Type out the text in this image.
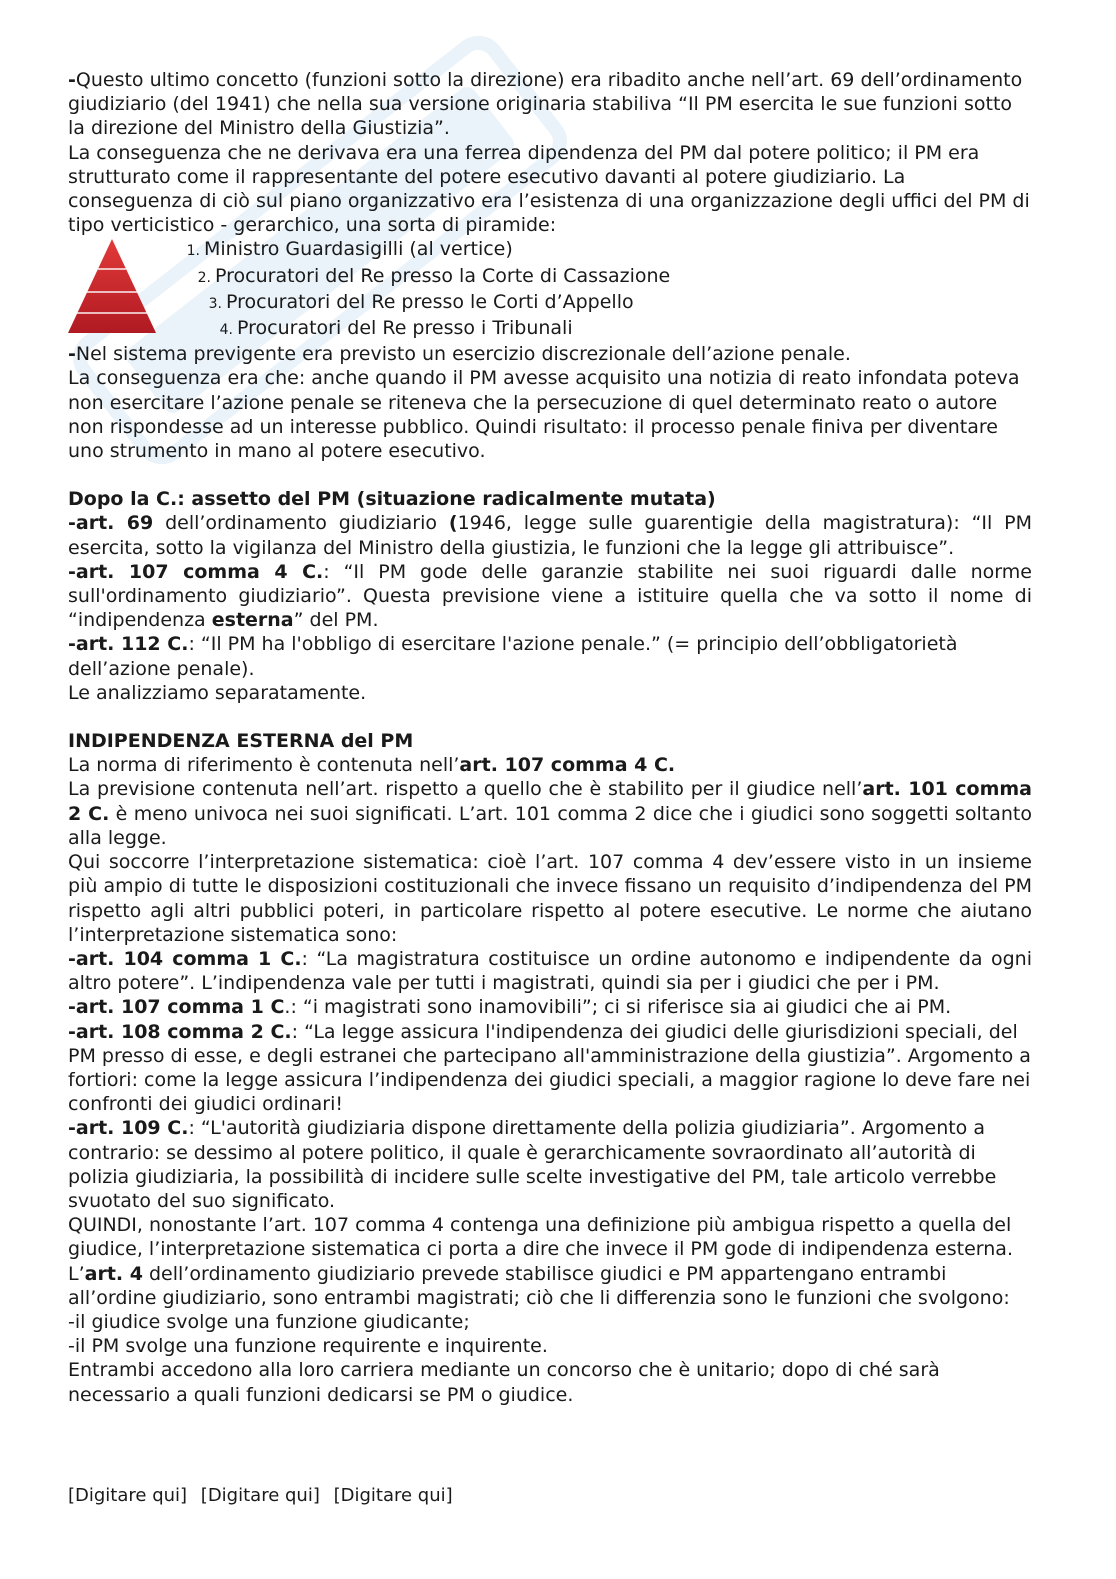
-Questo ultimo concetto (funzioni sotto la direzione) era ribadito anche nell’art. 69 dell’ordinamento giudiziario (del 1941) che nella sua versione originaria stabiliva “Il PM esercita le sue funzioni sotto la direzione del Ministro della Giustizia”.

La conseguenza che ne derivava era una ferrea dipendenza del PM dal potere politico; il PM era strutturato come il rappresentante del potere esecutivo davanti al potere giudiziario. La conseguenza di ciò sul piano organizzativo era l’esistenza di una organizzazione degli uffici del PM di tipo verticistico - gerarchico, una sorta di piramide:

1. Ministro Guardasigilli (al vertice)
2. Procuratori del Re presso la Corte di Cassazione
3. Procuratori del Re presso le Corti d’Appello
4. Procuratori del Re presso i Tribunali

-Nel sistema previgente era previsto un esercizio discrezionale dell’azione penale.

La conseguenza era che: anche quando il PM avesse acquisito una notizia di reato infondata poteva non esercitare l’azione penale se riteneva che la persecuzione di quel determinato reato o autore non rispondesse ad un interesse pubblico. Quindi risultato: il processo penale finiva per diventare uno strumento in mano al potere esecutivo.

Dopo la C.: assetto del PM (situazione radicalmente mutata)

-art. 69 dell’ordinamento giudiziario (1946, legge sulle guarentigie della magistratura): “Il PM esercita, sotto la vigilanza del Ministro della giustizia, le funzioni che la legge gli attribuisce”.

-art. 107 comma 4 C.: “Il PM gode delle garanzie stabilite nei suoi riguardi dalle norme sull'ordinamento giudiziario”. Questa previsione viene a istituire quella che va sotto il nome di “indipendenza esterna” del PM.

-art. 112 C.: “Il PM ha l'obbligo di esercitare l'azione penale.” (= principio dell’obbligatorietà dell’azione penale).

Le analizziamo separatamente.

INDIPENDENZA ESTERNA del PM

La norma di riferimento è contenuta nell’art. 107 comma 4 C.

La previsione contenuta nell’art. rispetto a quello che è stabilito per il giudice nell’art. 101 comma 2 C. è meno univoca nei suoi significati. L’art. 101 comma 2 dice che i giudici sono soggetti soltanto alla legge.

Qui soccorre l’interpretazione sistematica: cioè l’art. 107 comma 4 dev’essere visto in un insieme più ampio di tutte le disposizioni costituzionali che invece fissano un requisito d’indipendenza del PM rispetto agli altri pubblici poteri, in particolare rispetto al potere esecutive. Le norme che aiutano l’interpretazione sistematica sono:

-art. 104 comma 1 C.: “La magistratura costituisce un ordine autonomo e indipendente da ogni altro potere”. L’indipendenza vale per tutti i magistrati, quindi sia per i giudici che per i PM.

-art. 107 comma 1 C.: “i magistrati sono inamovibili”; ci si riferisce sia ai giudici che ai PM.

-art. 108 comma 2 C.: “La legge assicura l'indipendenza dei giudici delle giurisdizioni speciali, del PM presso di esse, e degli estranei che partecipano all'amministrazione della giustizia”. Argomento a fortiori: come la legge assicura l’indipendenza dei giudici speciali, a maggior ragione lo deve fare nei confronti dei giudici ordinari!

-art. 109 C.: “L'autorità giudiziaria dispone direttamente della polizia giudiziaria”. Argomento a contrario: se dessimo al potere politico, il quale è gerarchicamente sovraordinato all’autorità di polizia giudiziaria, la possibilità di incidere sulle scelte investigative del PM, tale articolo verrebbe svuotato del suo significato.

QUINDI, nonostante l’art. 107 comma 4 contenga una definizione più ambigua rispetto a quella del giudice, l’interpretazione sistematica ci porta a dire che invece il PM gode di indipendenza esterna.

L’art. 4 dell’ordinamento giudiziario prevede stabilisce giudici e PM appartengano entrambi all’ordine giudiziario, sono entrambi magistrati; ciò che li differenzia sono le funzioni che svolgono:

-il giudice svolge una funzione giudicante;

-il PM svolge una funzione requirente e inquirente.

Entrambi accedono alla loro carriera mediante un concorso che è unitario; dopo di ché sarà necessario a quali funzioni dedicarsi se PM o giudice.

[Digitare qui] [Digitare qui] [Digitare qui]
